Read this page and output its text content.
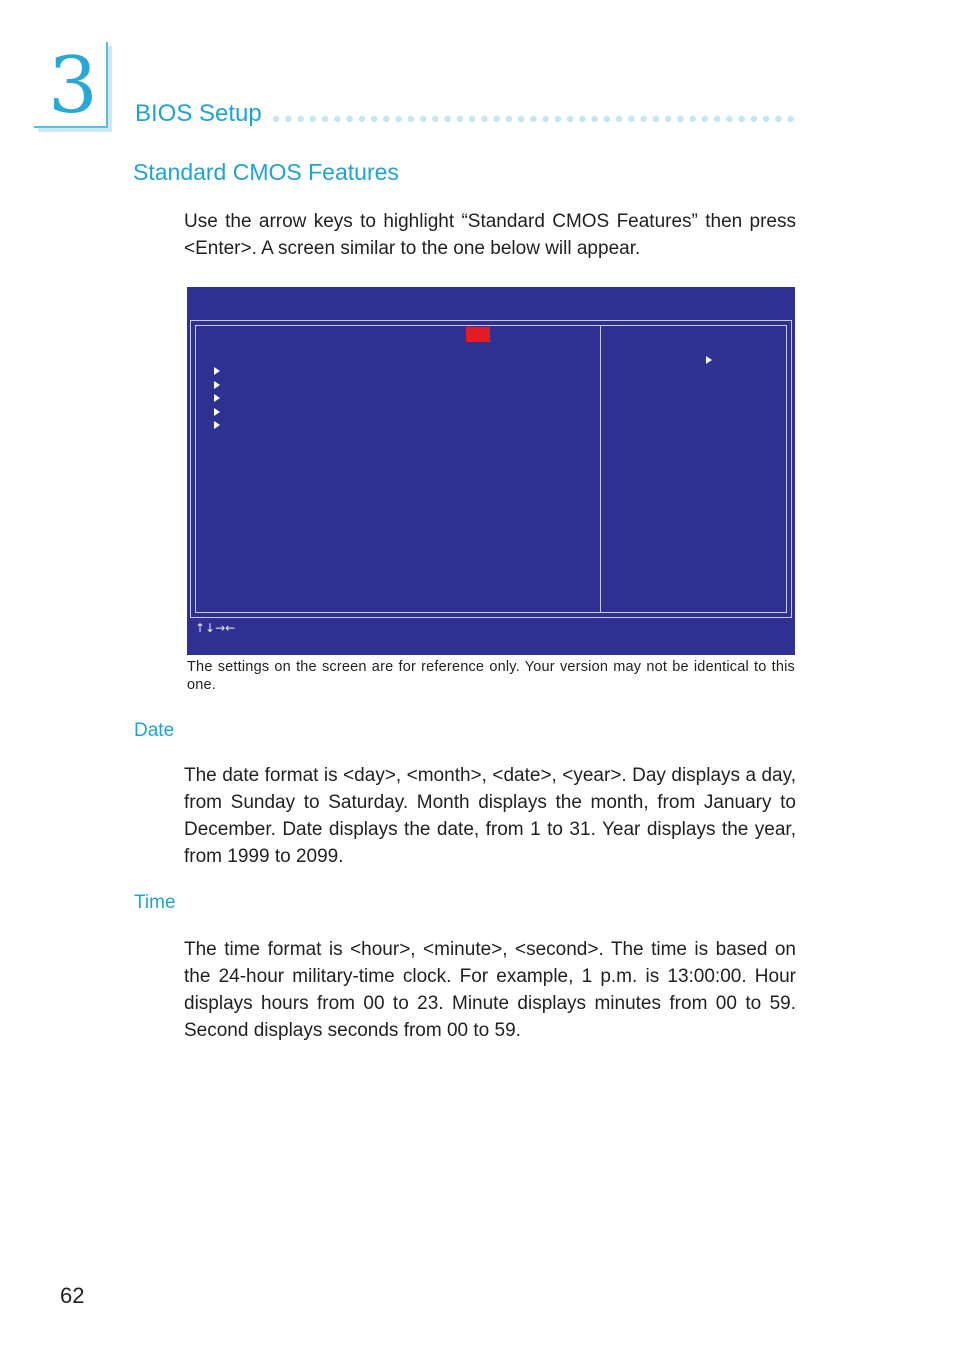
3	BIOS Setup
Standard CMOS Features
Use the arrow keys to highlight “Standard CMOS Features” then press <Enter>. A screen similar to the one below will appear.
↑↓→←
The settings on the screen are for reference only. Your version may not be identical to this one.
Date
The date format is <day>, <month>, <date>, <year>. Day displays a day, from Sunday to Saturday. Month displays the month, from January to December. Date displays the date, from 1 to 31. Year displays the year, from 1999 to 2099.
Time
The time format is <hour>, <minute>, <second>. The time is based on the 24-hour military-time clock. For example, 1 p.m. is 13:00:00. Hour displays hours from 00 to 23. Minute displays minutes from 00 to 59. Second displays seconds from 00 to 59.
62
